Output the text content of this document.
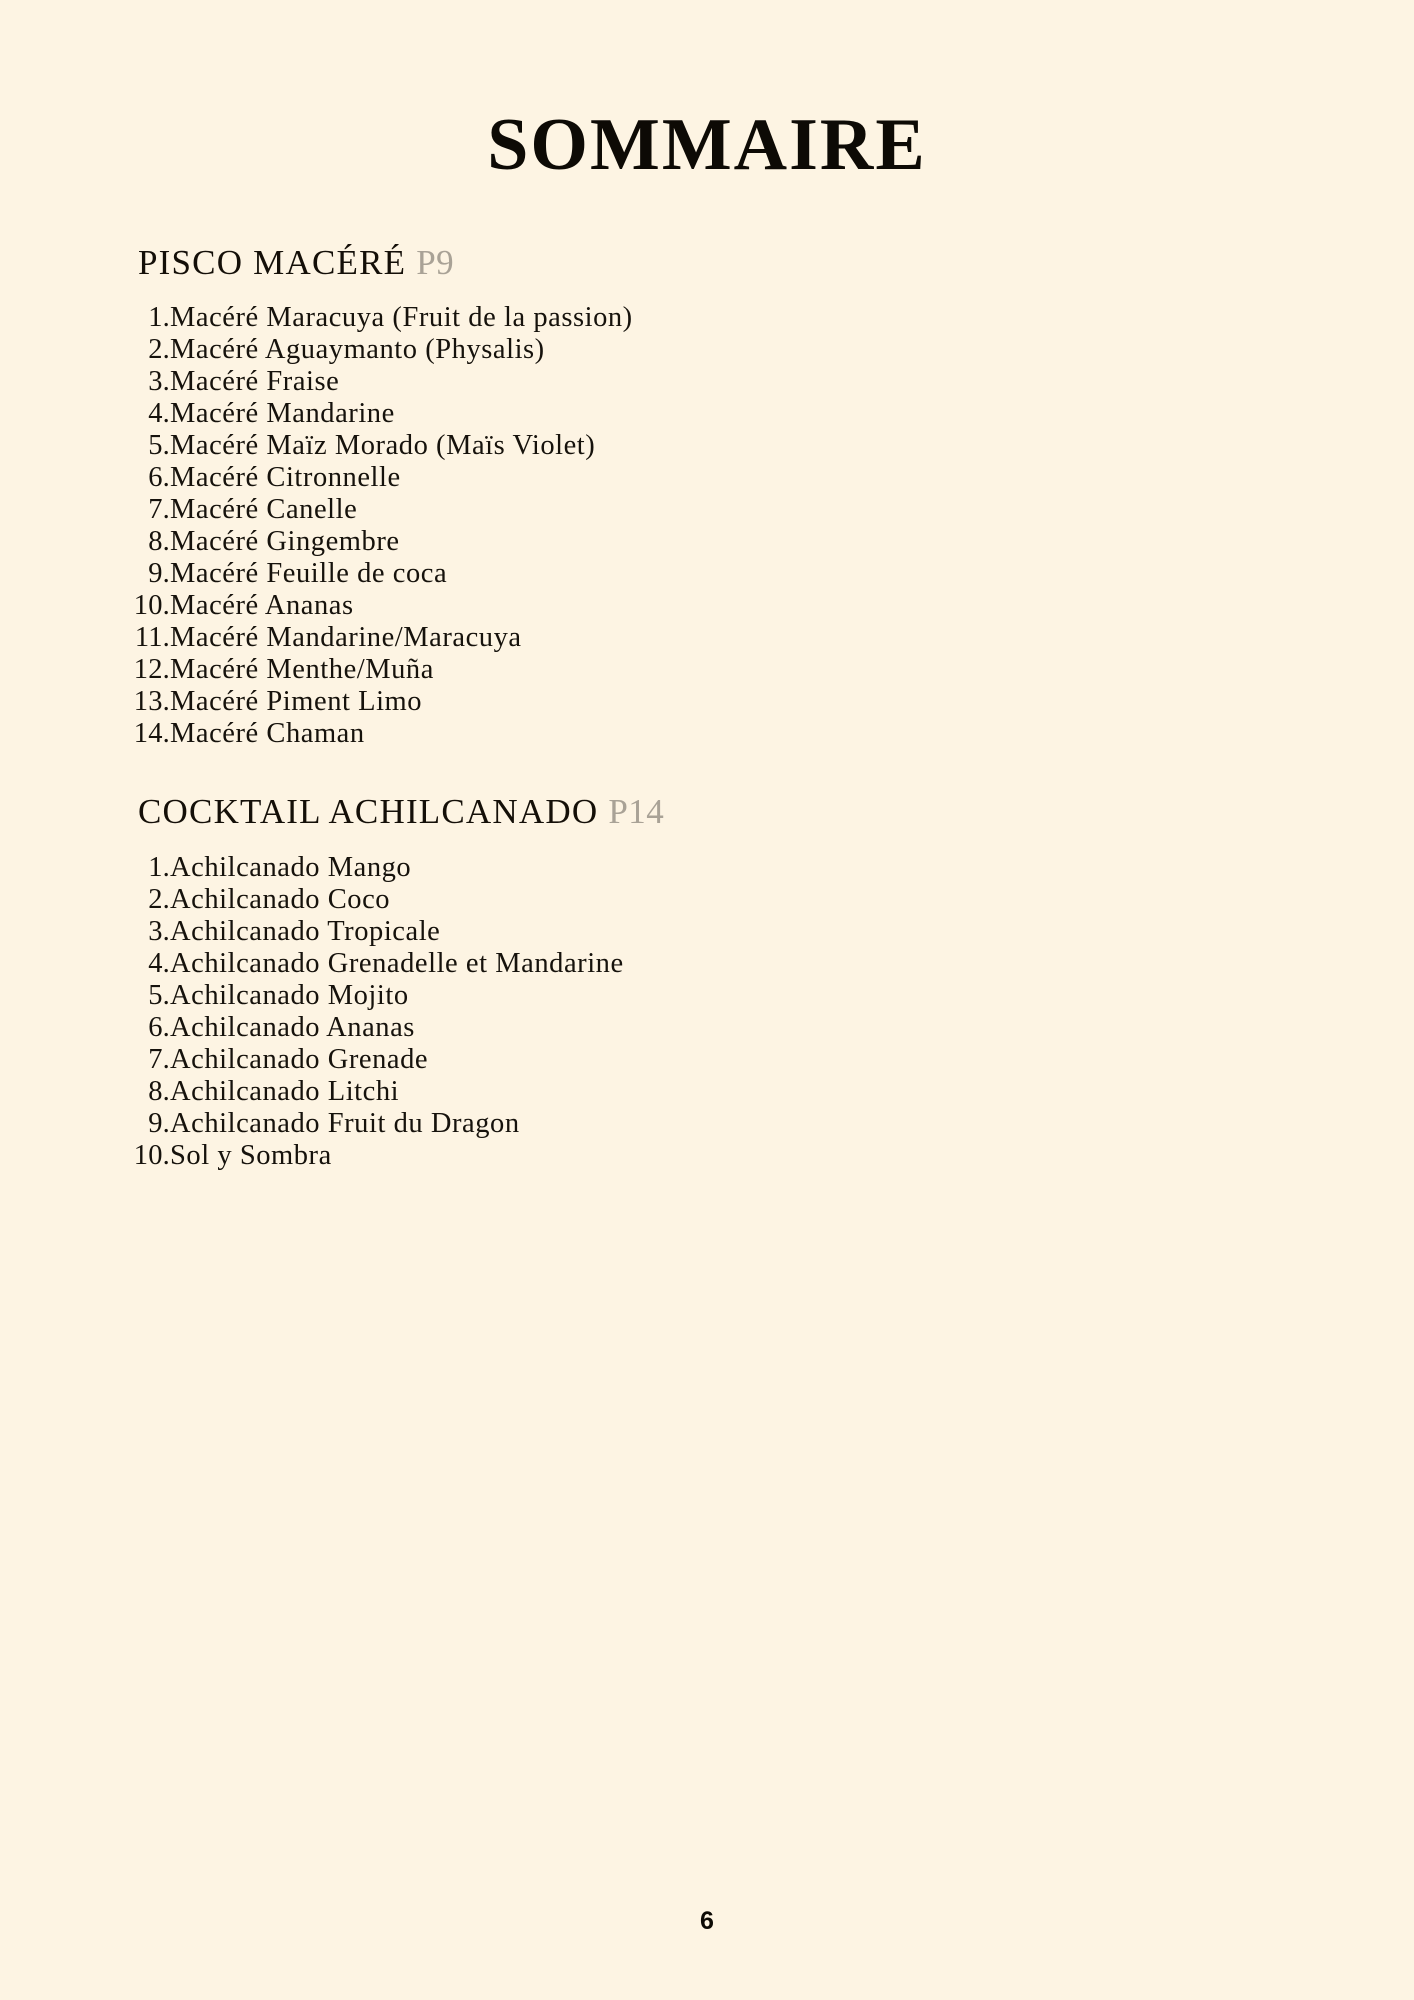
SOMMAIRE
PISCO MACÉRÉ P9
1. Macéré Maracuya (Fruit de la passion)
2. Macéré Aguaymanto (Physalis)
3. Macéré Fraise
4. Macéré Mandarine
5. Macéré Maïz Morado (Maïs Violet)
6. Macéré Citronnelle
7. Macéré Canelle
8. Macéré Gingembre
9. Macéré Feuille de coca
10. Macéré Ananas
11. Macéré Mandarine/Maracuya
12. Macéré Menthe/Muña
13. Macéré Piment Limo
14. Macéré Chaman
COCKTAIL ACHILCANADO P14
1. Achilcanado Mango
2. Achilcanado Coco
3. Achilcanado Tropicale
4. Achilcanado Grenadelle et Mandarine
5. Achilcanado Mojito
6. Achilcanado Ananas
7. Achilcanado Grenade
8. Achilcanado Litchi
9. Achilcanado Fruit du Dragon
10. Sol y Sombra
6
